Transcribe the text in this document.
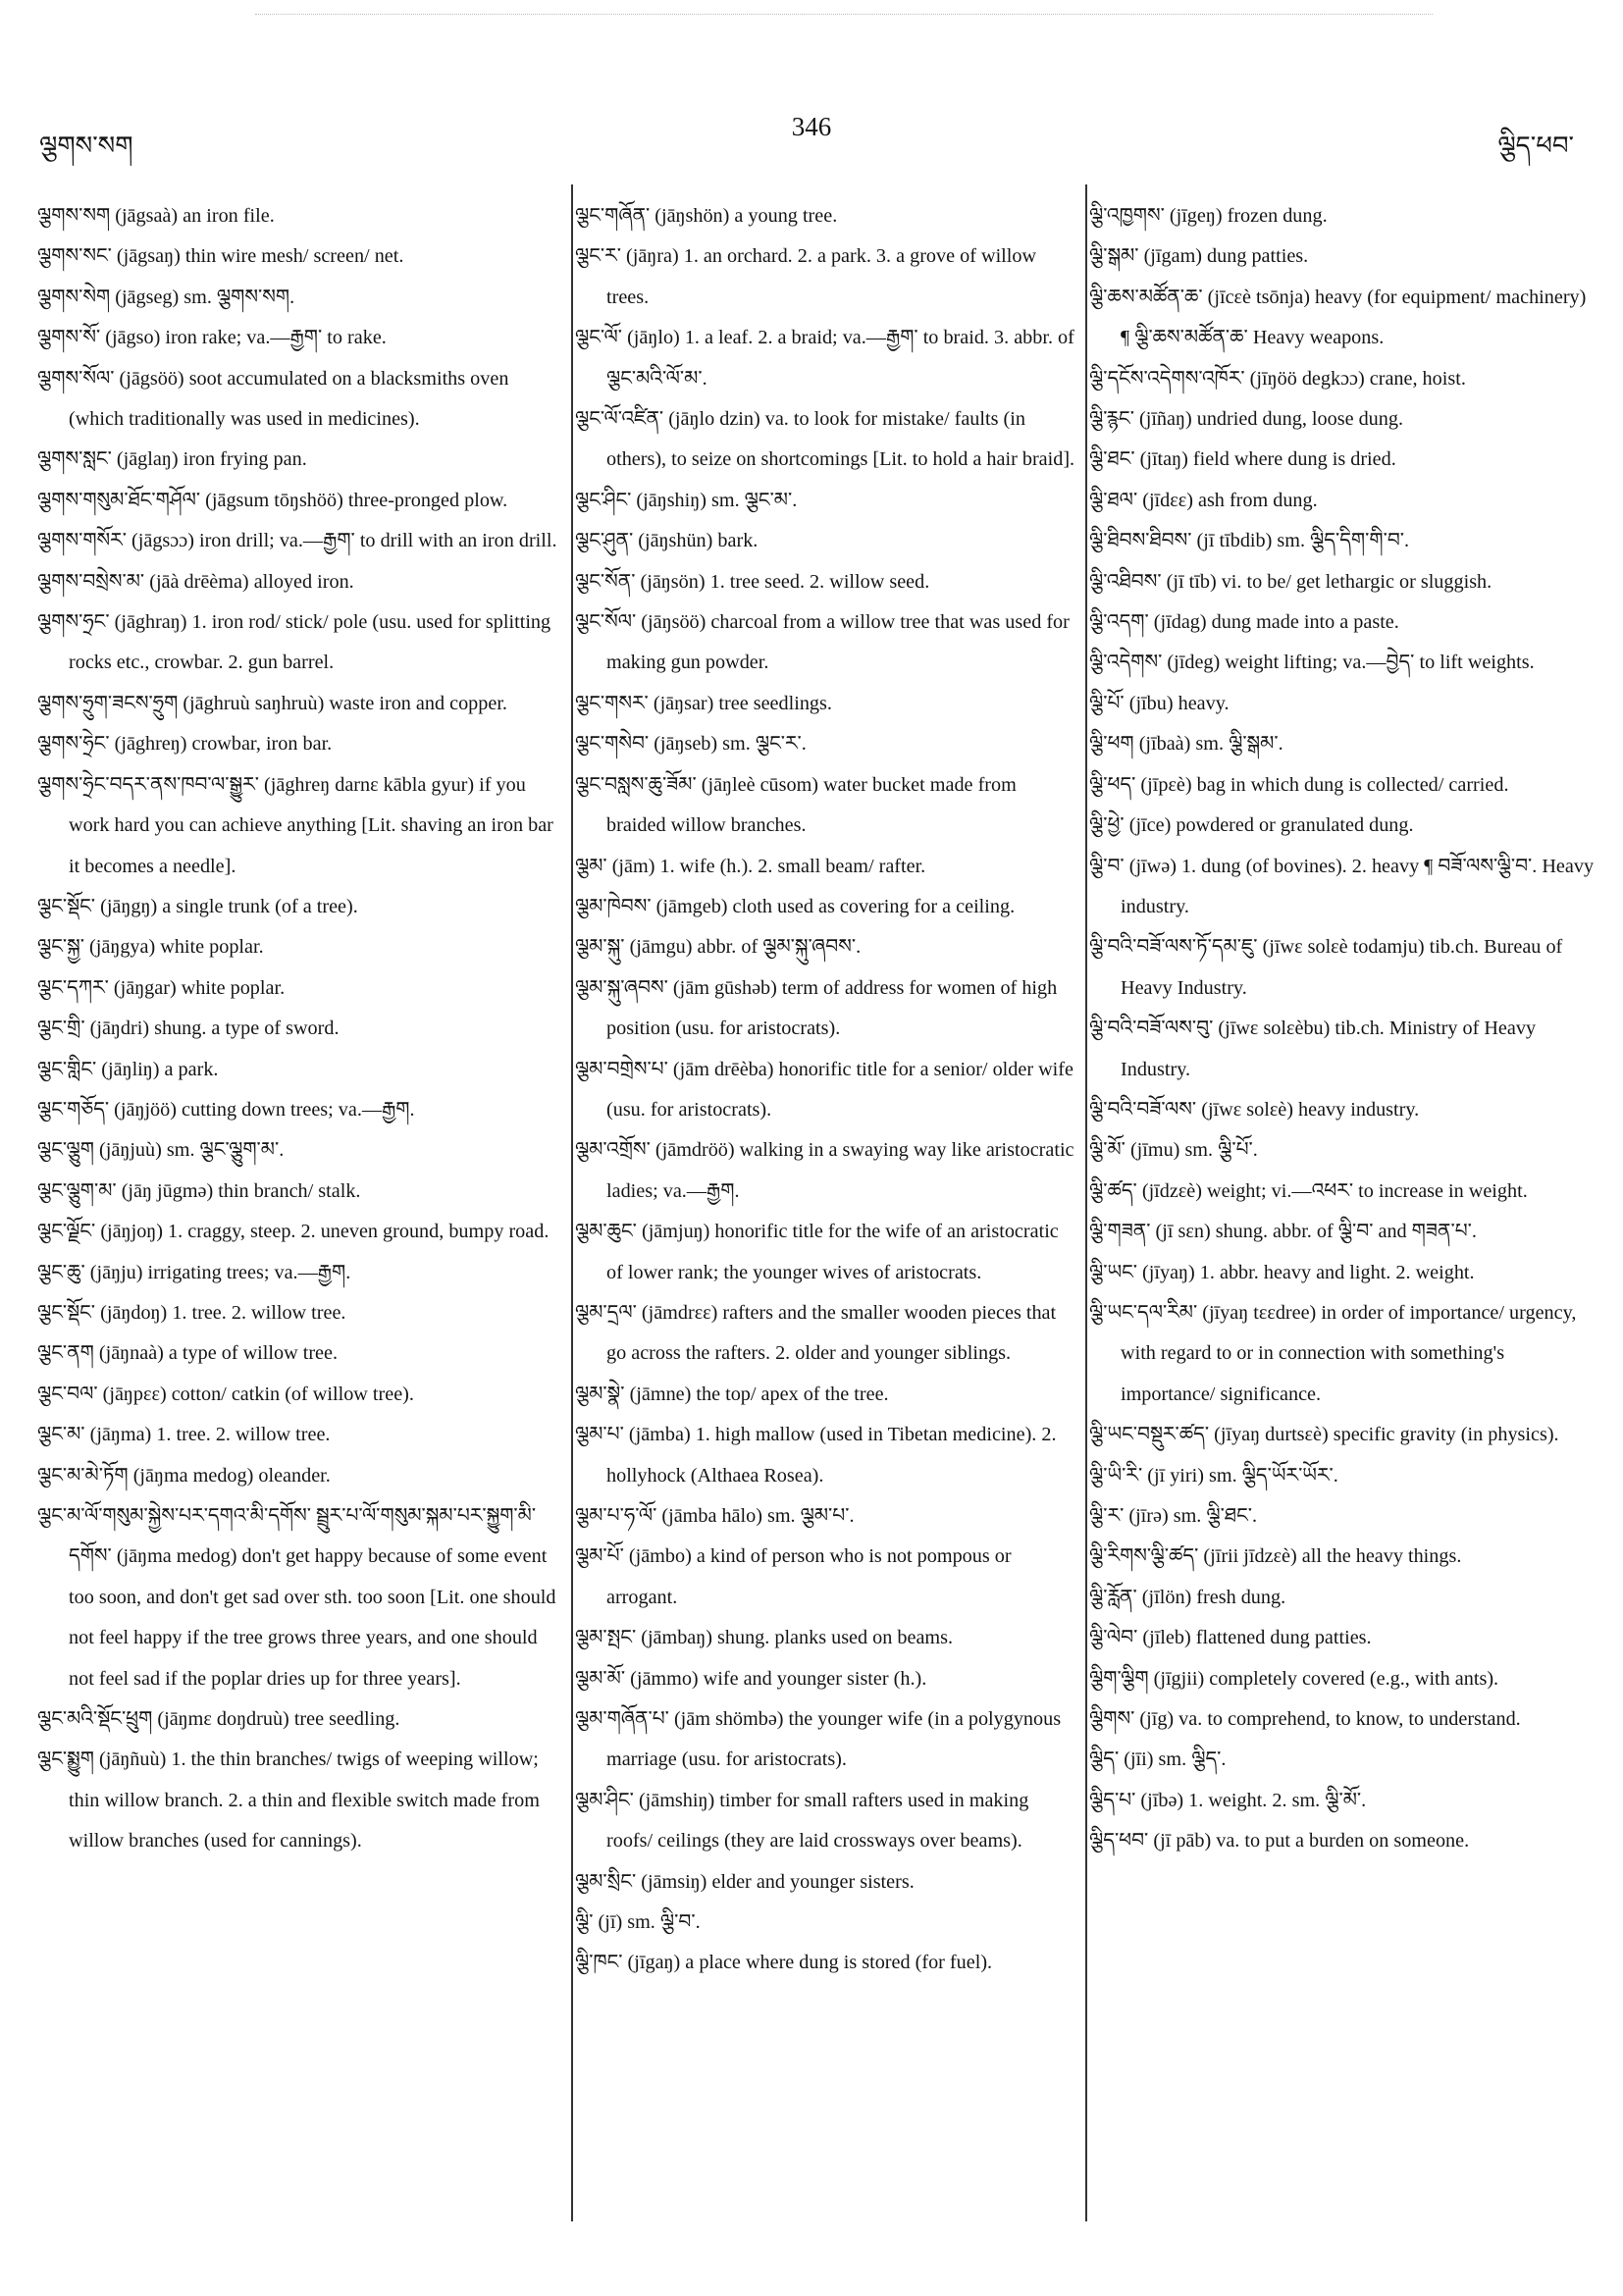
ལྕགས་སག
346
ལྕིད་ཕབ་

ལྕགས་སག (jāgsaà) an iron file.

ལྕགས་སང་ (jāgsaŋ) thin wire mesh/ screen/ net.

ལྕགས་སེག (jāgseg) sm. ལྕགས་སག.

ལྕགས་སོ་ (jāgso) iron rake; va.—རྒྱག་ to rake.

ལྕགས་སོལ་ (jāgsöö) soot accumulated on a blacksmiths oven (which traditionally was used in medicines).

ལྕགས་སླང་ (jāglaŋ) iron frying pan.

ལྕགས་གསུམ་ཐོང་གཤོལ་ (jāgsum tōŋshöö) three-pronged plow.

ལྕགས་གསོར་ (jāgsɔɔ) iron drill; va.—རྒྱག་ to drill with an iron drill.

ལྕགས་བསྲེས་མ་ (jāà drēèma) alloyed iron.

ལྕགས་ཧྲང་ (jāghraŋ) 1. iron rod/ stick/ pole (usu. used for splitting rocks etc., crowbar. 2. gun barrel.

ལྕགས་ཧྲུག་ཟངས་ཧྲུག (jāghruù saŋhruù) waste iron and copper.

ལྕགས་ཧྲེང་ (jāghreŋ) crowbar, iron bar.

ལྕགས་ཧྲེང་བདར་ནས་ཁབ་ལ་སྒྱུར་ (jāghreŋ darnɛ kābla gyur) if you work hard you can achieve anything [Lit. shaving an iron bar it becomes a needle].

ལྕང་སྡོང་ (jāŋgŋ) a single trunk (of a tree).

ལྕང་སྐྱ་ (jāŋgya) white poplar.

ལྕང་དཀར་ (jāŋgar) white poplar.

ལྕང་གྲི་ (jāŋdri) shung. a type of sword.

ལྕང་གླིང་ (jāŋliŋ) a park.

ལྕང་གཅོད་ (jāŋjöö) cutting down trees; va.—རྒྱག.

ལྕང་ལྕུག (jāŋjuù) sm. ལྕང་ལྕུག་མ་.

ལྕང་ལྕུག་མ་ (jāŋ jūgmə) thin branch/ stalk.

ལྕང་ལྗོང་ (jāŋjoŋ) 1. craggy, steep. 2. uneven ground, bumpy road.

ལྕང་ཆུ་ (jāŋju) irrigating trees; va.—རྒྱག.

ལྕང་སྡོང་ (jāŋdoŋ) 1. tree. 2. willow tree.

ལྕང་ནག (jāŋnaà) a type of willow tree.

ལྕང་བལ་ (jāŋpɛɛ) cotton/ catkin (of willow tree).

ལྕང་མ་ (jāŋma) 1. tree. 2. willow tree.

ལྕང་མ་མེ་ཏོག (jāŋma medog) oleander.

ལྕང་མ་ལོ་གསུམ་སྐྱེས་པར་དགའ་མི་དགོས་ སྦྲུར་པ་ལོ་གསུམ་སྐམ་པར་སྐྱུག་མི་དགོས་ (jāŋma medog) don't get happy because of some event too soon, and don't get sad over sth. too soon [Lit. one should not feel happy if the tree grows three years, and one should not feel sad if the poplar dries up for three years].

ལྕང་མའི་སྡོང་ཕྲུག (jāŋmɛ doŋdruù) tree seedling.

ལྕང་སྨྱུག (jāŋñuù) 1. the thin branches/ twigs of weeping willow; thin willow branch. 2. a thin and flexible switch made from willow branches (used for cannings).

ལྕང་གཞོན་ (jāŋshön) a young tree.

ལྕང་ར་ (jāŋra) 1. an orchard. 2. a park. 3. a grove of willow trees.

ལྕང་ལོ་ (jāŋlo) 1. a leaf. 2. a braid; va.—རྒྱག་ to braid. 3. abbr. of ལྕང་མའི་ལོ་མ་.

ལྕང་ལོ་འཛིན་ (jāŋlo dzin) va. to look for mistake/ faults (in others), to seize on shortcomings [Lit. to hold a hair braid].

ལྕང་ཤིང་ (jāŋshiŋ) sm. ལྕང་མ་.

ལྕང་ཤུན་ (jāŋshün) bark.

ལྕང་སོན་ (jāŋsön) 1. tree seed. 2. willow seed.

ལྕང་སོལ་ (jāŋsöö) charcoal from a willow tree that was used for making gun powder.

ལྕང་གསར་ (jāŋsar) tree seedlings.

ལྕང་གསེབ་ (jāŋseb) sm. ལྕང་ར་.

ལྕང་བསླས་ཆུ་ཟོམ་ (jāŋleè cūsom) water bucket made from braided willow branches.

ལྕམ་ (jām) 1. wife (h.). 2. small beam/ rafter.

ལྕམ་ཁེབས་ (jāmgeb) cloth used as covering for a ceiling.

ལྕམ་སྐུ་ (jāmgu) abbr. of ལྕམ་སྐུ་ཞབས་.

ལྕམ་སྐུ་ཞབས་ (jām gūshəb) term of address for women of high position (usu. for aristocrats).

ལྕམ་བགྲེས་པ་ (jām drēèba) honorific title for a senior/ older wife (usu. for aristocrats).

ལྕམ་འགྲོས་ (jāmdröö) walking in a swaying way like aristocratic ladies; va.—རྒྱག.

ལྕམ་ཆུང་ (jāmjuŋ) honorific title for the wife of an aristocratic of lower rank; the younger wives of aristocrats.

ལྕམ་དྲལ་ (jāmdrɛɛ) rafters and the smaller wooden pieces that go across the rafters. 2. older and younger siblings.

ལྕམ་སྣེ་ (jāmne) the top/ apex of the tree.

ལྕམ་པ་ (jāmba) 1. high mallow (used in Tibetan medicine). 2. hollyhock (Althaea Rosea).

ལྕམ་པ་ཧ་ལོ་ (jāmba hālo) sm. ལྕམ་པ་.

ལྕམ་པོ་ (jāmbo) a kind of person who is not pompous or arrogant.

ལྕམ་སྤང་ (jāmbaŋ) shung. planks used on beams.

ལྕམ་མོ་ (jāmmo) wife and younger sister (h.).

ལྕམ་གཞོན་པ་ (jām shömbə) the younger wife (in a polygynous marriage (usu. for aristocrats).

ལྕམ་ཤིང་ (jāmshiŋ) timber for small rafters used in making roofs/ ceilings (they are laid crossways over beams).

ལྕམ་སྲིང་ (jāmsiŋ) elder and younger sisters.

ལྕི་ (jī) sm. ལྕི་བ་.

ལྕི་ཁང་ (jīgaŋ) a place where dung is stored (for fuel).

ལྕི་འཁྱགས་ (jīgeŋ) frozen dung.

ལྕི་སྒམ་ (jīgam) dung patties.

ལྕི་ཆས་མཚོན་ཆ་ (jīcɛè tsōnja) heavy (for equipment/ machinery) ¶ ལྕི་ཆས་མཚོན་ཆ་ Heavy weapons.

ལྕི་དངོས་འདེགས་འཁོར་ (jīŋöö degkɔɔ) crane, hoist.

ལྕི་རྙང་ (jīñaŋ) undried dung, loose dung.

ལྕི་ཐང་ (jītaŋ) field where dung is dried.

ལྕི་ཐལ་ (jīdɛɛ) ash from dung.

ལྕི་ཐིབས་ཐིབས་ (jī tībdib) sm. ལྕིད་དིག་གི་བ་.

ལྕི་འཐིབས་ (jī tīb) vi. to be/ get lethargic or sluggish.

ལྕི་འདག་ (jīdag) dung made into a paste.

ལྕི་འདེགས་ (jīdeg) weight lifting; va.—བྱེད་ to lift weights.

ལྕི་པོ་ (jību) heavy.

ལྕི་ཕག (jībaà) sm. ལྕི་སྒམ་.

ལྕི་ཕད་ (jīpɛè) bag in which dung is collected/ carried.

ལྕི་ཕྱེ་ (jīce) powdered or granulated dung.

ལྕི་བ་ (jīwə) 1. dung (of bovines). 2. heavy ¶ བཟོ་ལས་ལྕི་བ་. Heavy industry.

ལྕི་བའི་བཟོ་ལས་ཏོ་དམ་ཇུ་ (jīwɛ solɛè todamju) tib.ch. Bureau of Heavy Industry.

ལྕི་བའི་བཟོ་ལས་བུ་ (jīwɛ solɛèbu) tib.ch. Ministry of Heavy Industry.

ལྕི་བའི་བཟོ་ལས་ (jīwɛ solɛè) heavy industry.

ལྕི་མོ་ (jīmu) sm. ལྕི་པོ་.

ལྕི་ཚད་ (jīdzɛè) weight; vi.—འཕར་ to increase in weight.

ལྕི་གཟན་ (jī sɛn) shung. abbr. of ལྕི་བ་ and གཟན་པ་.

ལྕི་ཡང་ (jīyaŋ) 1. abbr. heavy and light. 2. weight.

ལྕི་ཡང་དལ་རིམ་ (jīyaŋ tɛɛdree) in order of importance/ urgency, with regard to or in connection with something's importance/ significance.

ལྕི་ཡང་བསྡུར་ཚད་ (jīyaŋ durtsɛè) specific gravity (in physics).

ལྕི་ཡི་རི་ (jī yiri) sm. ལྕིད་ཡོར་ཡོར་.

ལྕི་ར་ (jīrə) sm. ལྕི་ཐང་.

ལྕི་རིགས་ལྕི་ཚད་ (jīrii jīdzɛè) all the heavy things.

ལྕི་རློན་ (jīlön) fresh dung.

ལྕི་ལེབ་ (jīleb) flattened dung patties.

ལྕིག་ལྕིག (jīgjii) completely covered (e.g., with ants).

ལྕིགས་ (jīg) va. to comprehend, to know, to understand.

ལྕིད་ (jīi) sm. ལྕིད་.

ལྕིད་པ་ (jībə) 1. weight. 2. sm. ལྕི་མོ་.

ལྕིད་ཕབ་ (jī pāb) va. to put a burden on someone.
